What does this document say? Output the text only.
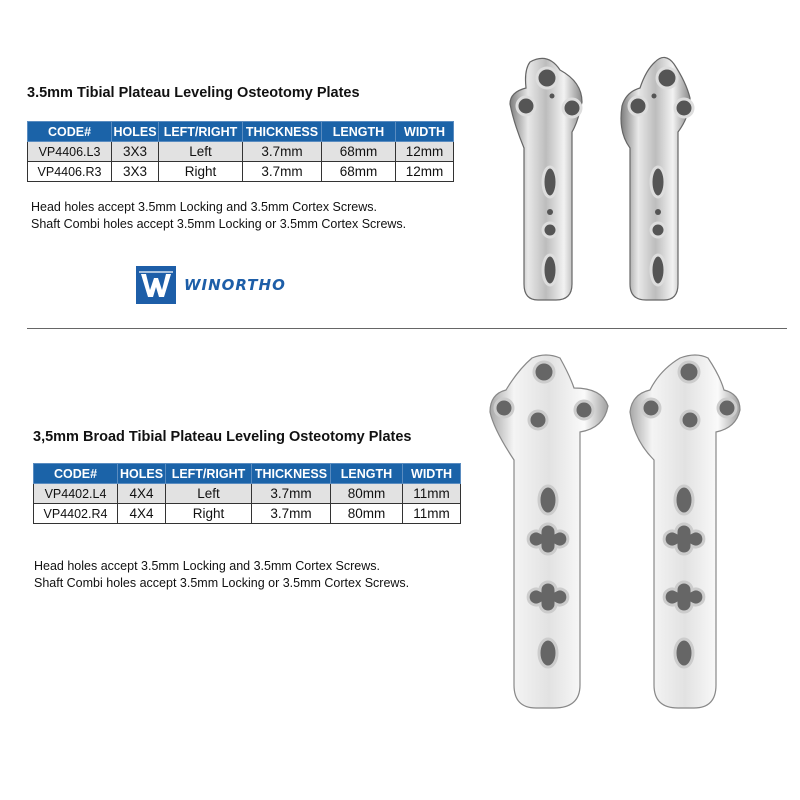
3.5mm Tibial Plateau Leveling Osteotomy Plates
CODE#	HOLES	LEFT/RIGHT	THICKNESS	LENGTH	WIDTH
VP4406.L3	3X3	Left	3.7mm	68mm	12mm
VP4406.R3	3X3	Right	3.7mm	68mm	12mm
Head holes accept 3.5mm Locking and 3.5mm Cortex Screws.
Shaft Combi holes accept 3.5mm Locking or 3.5mm Cortex Screws.
WINORTHO
3,5mm Broad Tibial Plateau Leveling Osteotomy Plates
CODE#	HOLES	LEFT/RIGHT	THICKNESS	LENGTH	WIDTH
VP4402.L4	4X4	Left	3.7mm	80mm	11mm
VP4402.R4	4X4	Right	3.7mm	80mm	11mm
Head holes accept 3.5mm Locking and 3.5mm Cortex Screws.
Shaft Combi holes accept 3.5mm Locking or 3.5mm Cortex Screws.
